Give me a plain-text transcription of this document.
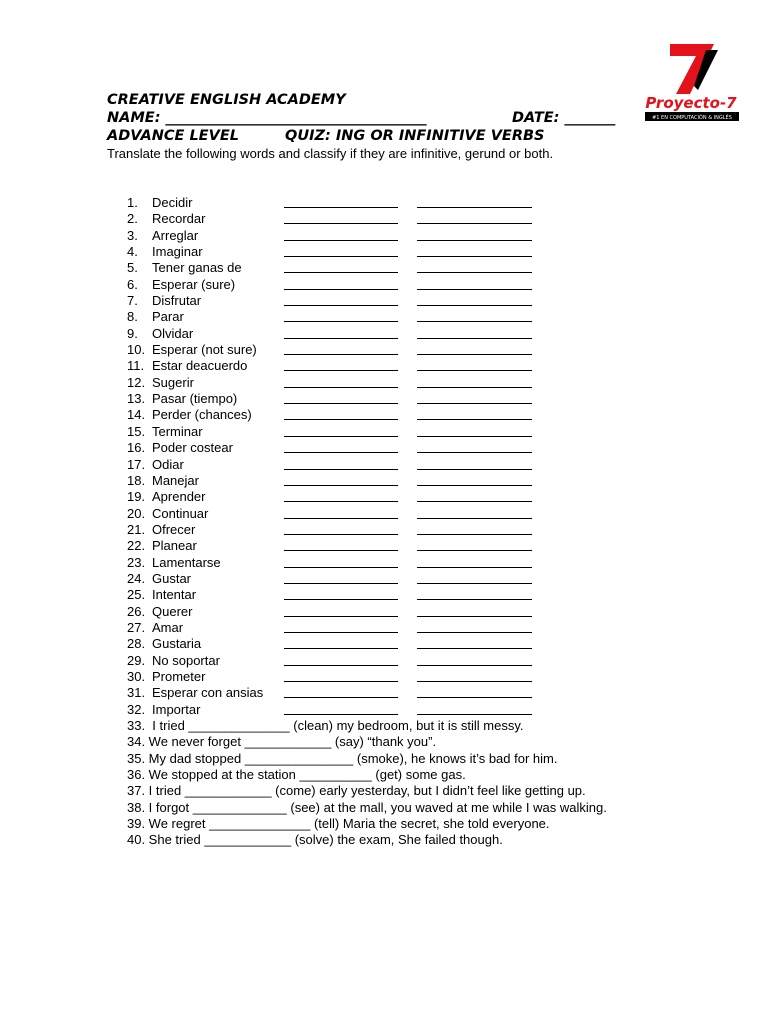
CREATIVE ENGLISH ACADEMY
NAME: ____________________________________	DATE: _______
ADVANCE LEVEL	QUIZ: ING OR INFINITIVE VERBS
Translate the following words and classify if they are infinitive, gerund or both.
Proyecto-7
#1 EN COMPUTACIÓN & INGLÉS
1.	Decidir
2.	Recordar
3.	Arreglar
4.	Imaginar
5.	Tener ganas de
6.	Esperar (sure)
7.	Disfrutar
8.	Parar
9.	Olvidar
10. Esperar (not sure)
11. Estar deacuerdo
12. Sugerir
13. Pasar (tiempo)
14. Perder (chances)
15. Terminar
16. Poder costear
17. Odiar
18. Manejar
19. Aprender
20. Continuar
21. Ofrecer
22. Planear
23. Lamentarse
24. Gustar
25. Intentar
26. Querer
27. Amar
28. Gustaria
29. No soportar
30. Prometer
31. Esperar con ansias
32. Importar
33.  I tried ______________ (clean) my bedroom, but it is still messy.
34. We never forget ____________ (say) “thank you”.
35. My dad stopped _______________ (smoke), he knows it’s bad for him.
36. We stopped at the station __________ (get) some gas.
37. I tried ____________ (come) early yesterday, but I didn’t feel like getting up.
38. I forgot _____________ (see) at the mall, you waved at me while I was walking.
39. We regret ______________ (tell) Maria the secret, she told everyone.
40. She tried ____________ (solve) the exam, She failed though.
